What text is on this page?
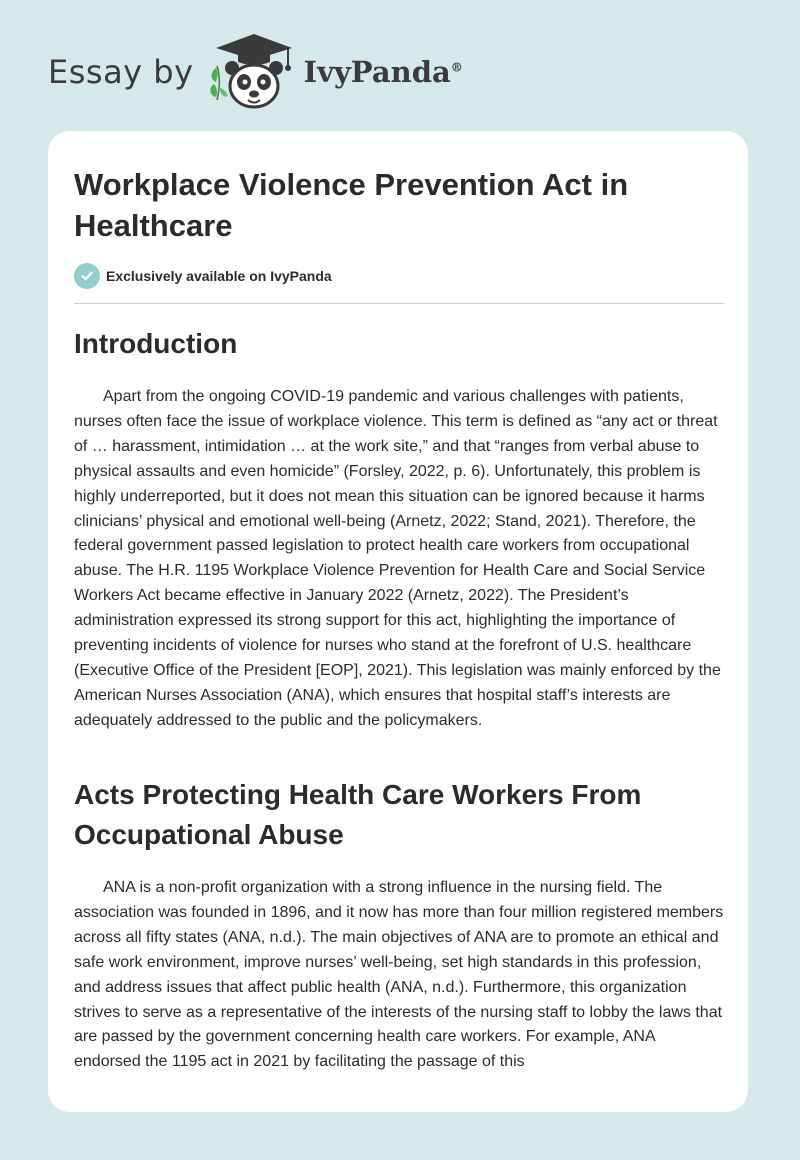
Essay by	IvyPanda®
Workplace Violence Prevention Act in Healthcare
Exclusively available on IvyPanda
Introduction

Apart from the ongoing COVID-19 pandemic and various challenges with patients, nurses often face the issue of workplace violence. This term is defined as “any act or threat of … harassment, intimidation … at the work site,” and that “ranges from verbal abuse to physical assaults and even homicide” (Forsley, 2022, p. 6). Unfortunately, this problem is highly underreported, but it does not mean this situation can be ignored because it harms clinicians’ physical and emotional well-being (Arnetz, 2022; Stand, 2021). Therefore, the federal government passed legislation to protect health care workers from occupational abuse. The H.R. 1195 Workplace Violence Prevention for Health Care and Social Service Workers Act became effective in January 2022 (Arnetz, 2022). The President’s administration expressed its strong support for this act, highlighting the importance of preventing incidents of violence for nurses who stand at the forefront of U.S. healthcare (Executive Office of the President [EOP], 2021). This legislation was mainly enforced by the American Nurses Association (ANA), which ensures that hospital staff’s interests are adequately addressed to the public and the policymakers.

Acts Protecting Health Care Workers From Occupational Abuse

ANA is a non-profit organization with a strong influence in the nursing field. The association was founded in 1896, and it now has more than four million registered members across all fifty states (ANA, n.d.). The main objectives of ANA are to promote an ethical and safe work environment, improve nurses’ well-being, set high standards in this profession, and address issues that affect public health (ANA, n.d.). Furthermore, this organization strives to serve as a representative of the interests of the nursing staff to lobby the laws that are passed by the government concerning health care workers. For example, ANA endorsed the 1195 act in 2021 by facilitating the passage of this
